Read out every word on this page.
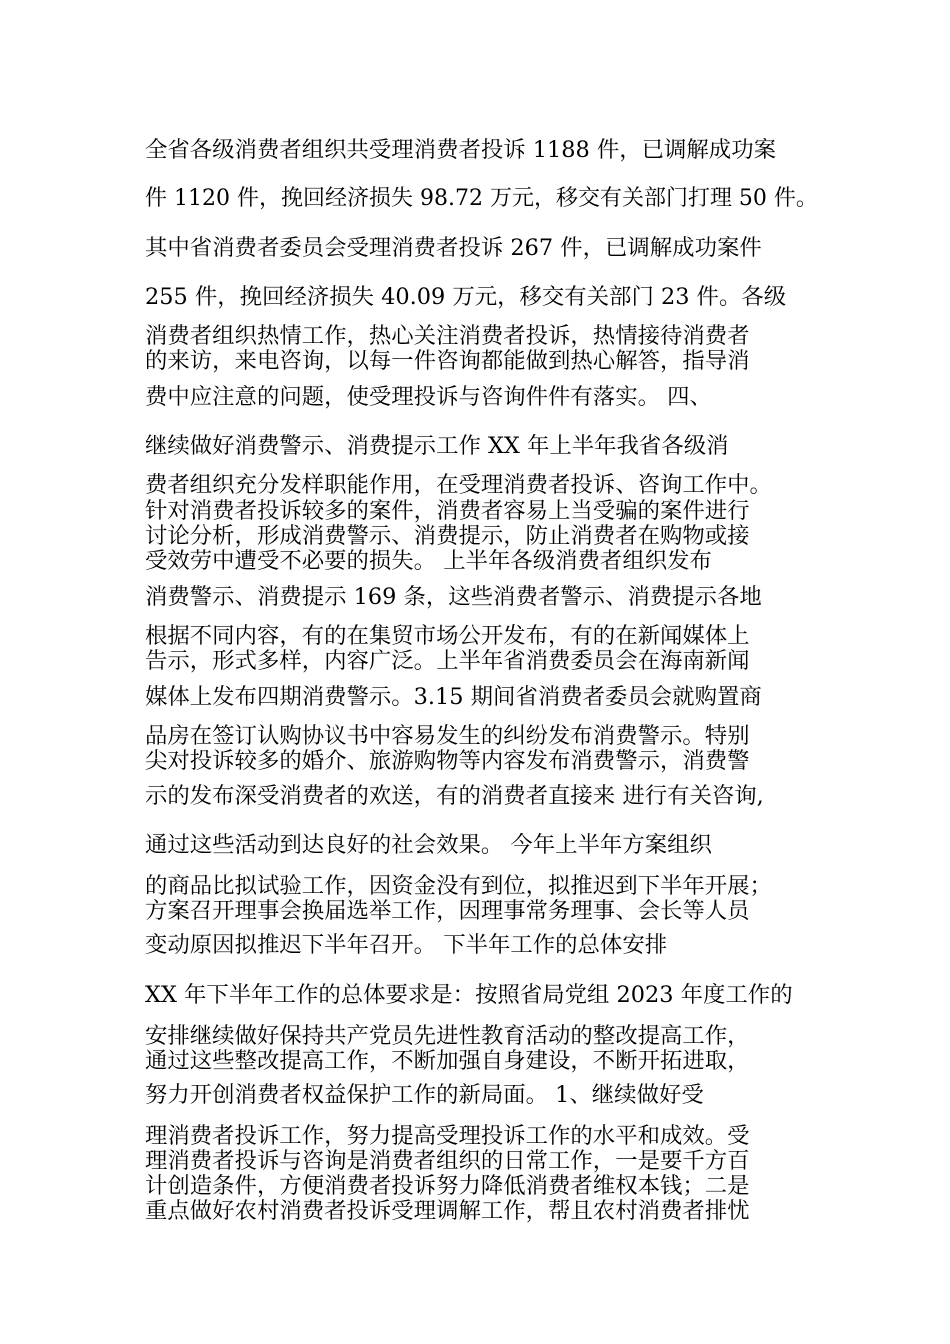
全省各级消费者组织共受理消费者投诉 1188 件，已调解成功案
件 1120 件，挽回经济损失 98.72 万元，移交有关部门打理 50 件。
其中省消费者委员会受理消费者投诉 267 件，已调解成功案件
255 件，挽回经济损失 40.09 万元，移交有关部门 23 件。各级
消费者组织热情工作，热心关注消费者投诉，热情接待消费者
的来访，来电咨询，以每一件咨询都能做到热心解答，指导消
费中应注意的问题，使受理投诉与咨询件件有落实。 四、
继续做好消费警示、消费提示工作 XX 年上半年我省各级消
费者组织充分发样职能作用，在受理消费者投诉、咨询工作中。
针对消费者投诉较多的案件，消费者容易上当受骗的案件进行
讨论分析，形成消费警示、消费提示，防止消费者在购物或接
受效劳中遭受不必要的损失。 上半年各级消费者组织发布
消费警示、消费提示 169 条，这些消费者警示、消费提示各地
根据不同内容，有的在集贸市场公开发布，有的在新闻媒体上
告示，形式多样，内容广泛。上半年省消费委员会在海南新闻
媒体上发布四期消费警示。3.15 期间省消费者委员会就购置商
品房在签订认购协议书中容易发生的纠纷发布消费警示。特别
尖对投诉较多的婚介、旅游购物等内容发布消费警示，消费警
示的发布深受消费者的欢送，有的消费者直接来 进行有关咨询,
通过这些活动到达良好的社会效果。 今年上半年方案组织
的商品比拟试验工作，因资金没有到位，拟推迟到下半年开展；
方案召开理事会换届选举工作，因理事常务理事、会长等人员
变动原因拟推迟下半年召开。 下半年工作的总体安排
XX 年下半年工作的总体要求是：按照省局党组 2023 年度工作的
安排继续做好保持共产党员先进性教育活动的整改提高工作，
通过这些整改提高工作，不断加强自身建设，不断开拓进取，
努力开创消费者权益保护工作的新局面。 1、继续做好受
理消费者投诉工作，努力提高受理投诉工作的水平和成效。受
理消费者投诉与咨询是消费者组织的日常工作，一是要千方百
计创造条件，方便消费者投诉努力降低消费者维权本钱；二是
重点做好农村消费者投诉受理调解工作，帮且农村消费者排忧
